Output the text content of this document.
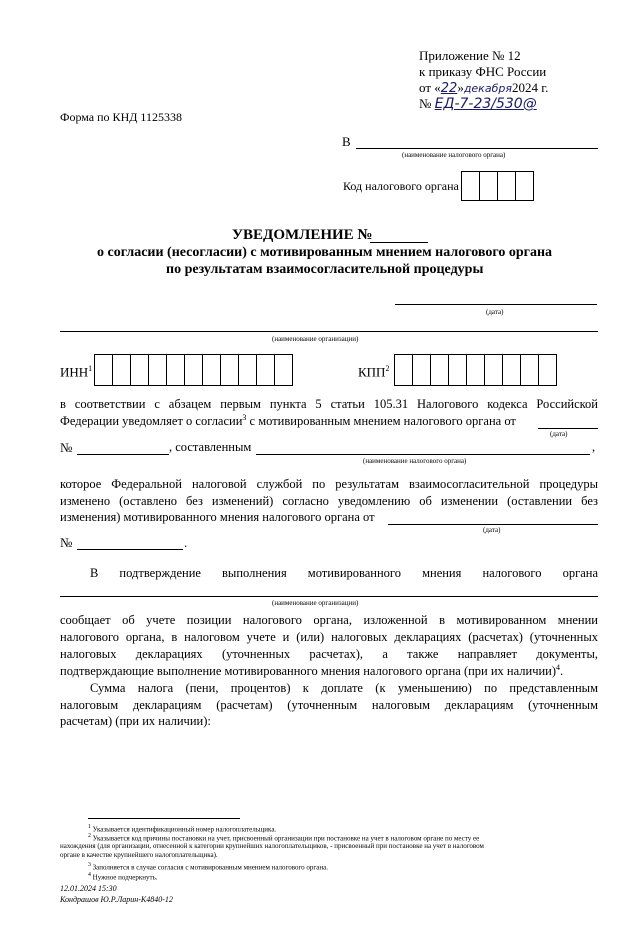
Приложение № 12
к приказу ФНС России
от «22»декабря2024 г.
№ ЕД-7-23/530@
Форма по КНД 1125338
В
(наименование налогового органа)
Код налогового органа
УВЕДОМЛЕНИЕ №
о согласии (несогласии) с мотивированным мнением налогового органа
по результатам взаимосогласительной процедуры
(дата)
(наименование организации)
ИНН$^1$	КПП$^2$
в соответствии с абзацем первым пункта 5 статьи 105.31 Налогового кодекса Российской
Федерации уведомляет о согласии$^3$ с мотивированным мнением налогового органа от
(дата)
№	, составленным	,
(наименование налогового органа)
которое Федеральной налоговой службой по результатам взаимосогласительной процедуры
изменено (оставлено без изменений) согласно уведомлению об изменении (оставлении без
изменения) мотивированного мнения налогового органа от
(дата)
№	.
В подтверждение выполнения мотивированного мнения налогового органа
(наименование организации)
сообщает об учете позиции налогового органа, изложенной в мотивированном мнении
налогового органа, в налоговом учете и (или) налоговых декларациях (расчетах) (уточненных
налоговых декларациях (уточненных расчетах), а также направляет документы,
подтверждающие выполнение мотивированного мнения налогового органа (при их наличии)$^4$.
Сумма налога (пени, процентов) к доплате (к уменьшению) по представленным
налоговым декларациям (расчетам) (уточненным налоговым декларациям (уточненным
расчетам) (при их наличии):
$^1$ Указывается идентификационный номер налогоплательщика.
$^2$ Указывается код причины постановки на учет, присвоенный организации при постановке на учет в налоговом органе по месту ее
нахождения (для организации, отнесенной к категории крупнейших налогоплательщиков, - присвоенный при постановке на учет в налоговом
органе в качестве крупнейшего налогоплательщика).
$^3$ Заполняется в случае согласия с мотивированным мнением налогового органа.
$^4$ Нужное подчеркнуть.
12.01.2024 15:30
Кондрашов Ю.Р.Ларин-К4840-12
